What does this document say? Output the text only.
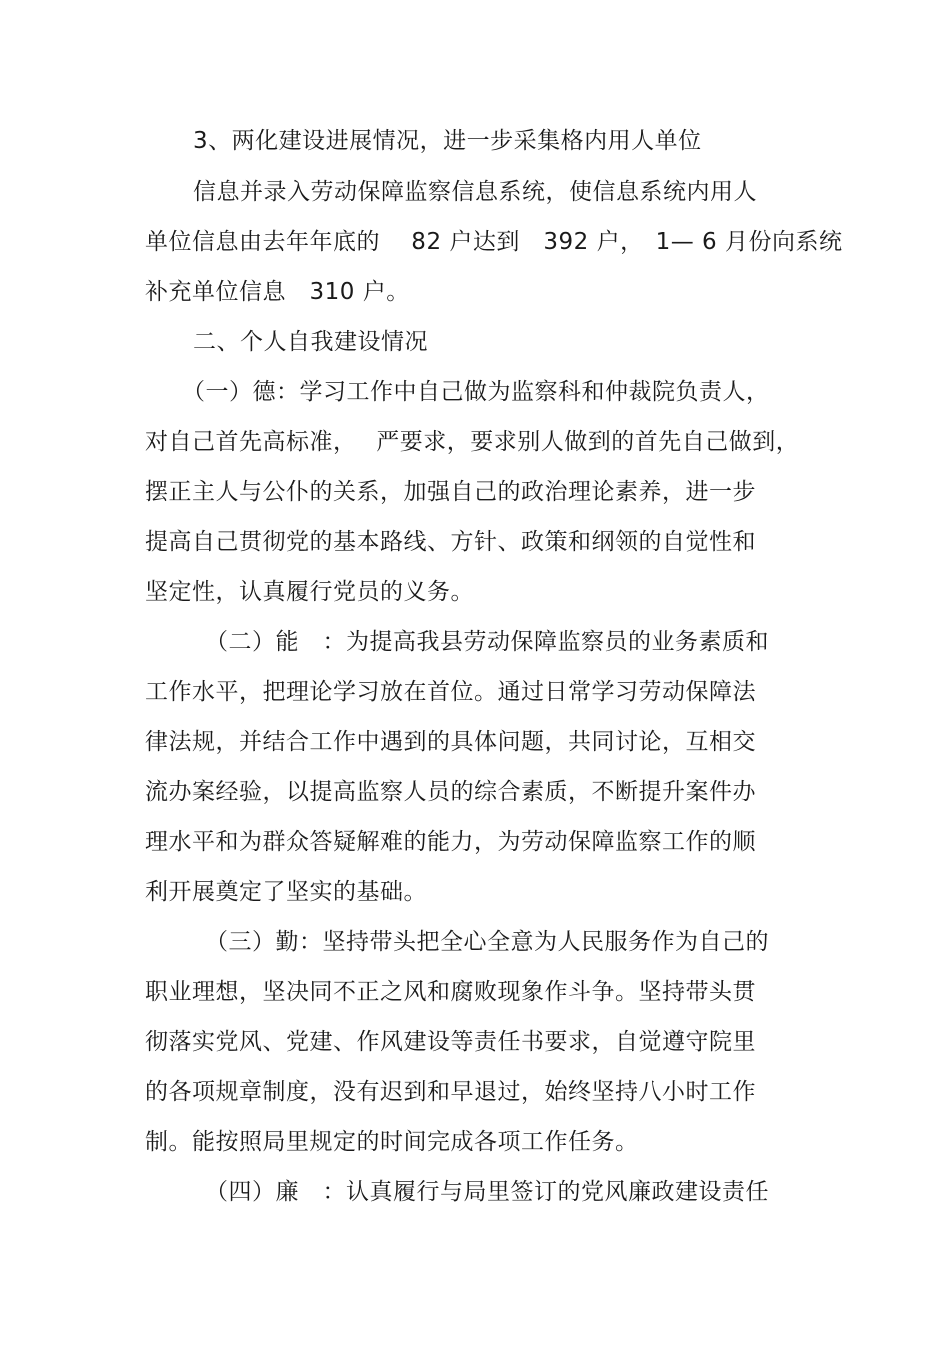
3、两化建设进展情况，进一步采集格内用人单位
信息并录入劳动保障监察信息系统，使信息系统内用人
单位信息由去年年底的　 82 户达到　392 户，　1— 6 月份向系统
补充单位信息　310 户。
二、个人自我建设情况
（一）德：学习工作中自己做为监察科和仲裁院负责人，
对自己首先高标准，　 严要求，要求别人做到的首先自己做到，
摆正主人与公仆的关系，加强自己的政治理论素养，进一步
提高自己贯彻党的基本路线、方针、政策和纲领的自觉性和
坚定性，认真履行党员的义务。
（二）能　：为提高我县劳动保障监察员的业务素质和
工作水平，把理论学习放在首位。通过日常学习劳动保障法
律法规，并结合工作中遇到的具体问题，共同讨论，互相交
流办案经验，以提高监察人员的综合素质，不断提升案件办
理水平和为群众答疑解难的能力，为劳动保障监察工作的顺
利开展奠定了坚实的基础。
（三）勤：坚持带头把全心全意为人民服务作为自己的
职业理想，坚决同不正之风和腐败现象作斗争。坚持带头贯
彻落实党风、党建、作风建设等责任书要求，自觉遵守院里
的各项规章制度，没有迟到和早退过，始终坚持八小时工作
制。能按照局里规定的时间完成各项工作任务。
（四）廉　：认真履行与局里签订的党风廉政建设责任
